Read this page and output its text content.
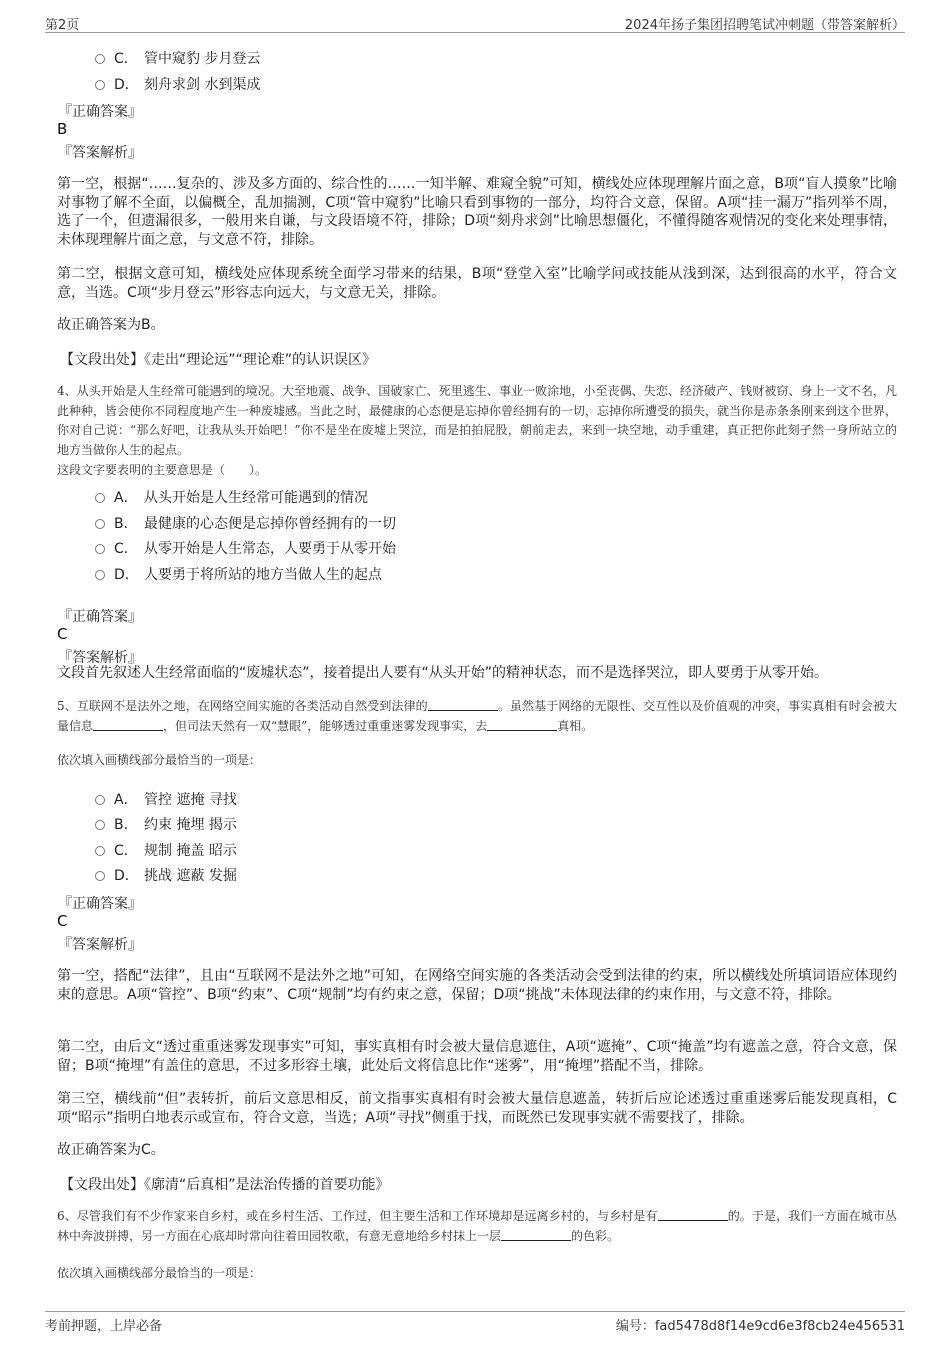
第2页	2024年扬子集团招聘笔试冲刺题（带答案解析）
C． 管中窥豹 步月登云
D． 刻舟求剑 水到渠成
『正确答案』
B
『答案解析』
第一空，根据“……复杂的、涉及多方面的、综合性的……一知半解、难窥全貌”可知，横线处应体现理解片面之意，B项“盲人摸象”比喻对事物了解不全面，以偏概全，乱加揣测，C项“管中窥豹”比喻只看到事物的一部分，均符合文意，保留。A项“挂一漏万”指列举不周，选了一个，但遗漏很多，一般用来自谦，与文段语境不符，排除；D项“刻舟求剑”比喻思想僵化，不懂得随客观情况的变化来处理事情，未体现理解片面之意，与文意不符，排除。
第二空，根据文意可知，横线处应体现系统全面学习带来的结果，B项“登堂入室”比喻学问或技能从浅到深，达到很高的水平，符合文意，当选。C项“步月登云”形容志向远大，与文意无关，排除。
故正确答案为B。
【文段出处】《走出“理论远”“理论难”的认识误区》
4、从头开始是人生经常可能遇到的境况。大至地震、战争、国破家亡、死里逃生、事业一败涂地，小至丧偶、失恋、经济破产、钱财被窃、身上一文不名，凡此种种，皆会使你不同程度地产生一种废墟感。当此之时，最健康的心态便是忘掉你曾经拥有的一切，忘掉你所遭受的损失，就当你是赤条条刚来到这个世界，你对自己说：“那么好吧，让我从头开始吧！”你不是坐在废墟上哭泣，而是拍拍屁股，朝前走去，来到一块空地，动手重建，真正把你此刻孑然一身所站立的地方当做你人生的起点。
这段文字要表明的主要意思是（　　）。
A． 从头开始是人生经常可能遇到的情况
B． 最健康的心态便是忘掉你曾经拥有的一切
C． 从零开始是人生常态，人要勇于从零开始
D． 人要勇于将所站的地方当做人生的起点
『正确答案』
C
『答案解析』
文段首先叙述人生经常面临的“废墟状态”，接着提出人要有“从头开始”的精神状态，而不是选择哭泣，即人要勇于从零开始。
5、互联网不是法外之地，在网络空间实施的各类活动自然受到法律的	。虽然基于网络的无限性、交互性以及价值观的冲突，事实真相有时会被大量信息	，但司法天然有一双“慧眼”，能够透过重重迷雾发现事实，去	真相。
依次填入画横线部分最恰当的一项是：
A． 管控 遮掩 寻找
B． 约束 掩埋 揭示
C． 规制 掩盖 昭示
D． 挑战 遮蔽 发掘
『正确答案』
C
『答案解析』
第一空，搭配“法律”，且由“互联网不是法外之地”可知，在网络空间实施的各类活动会受到法律的约束，所以横线处所填词语应体现约束的意思。A项“管控”、B项“约束”、C项“规制”均有约束之意，保留；D项“挑战”未体现法律的约束作用，与文意不符，排除。
第二空，由后文“透过重重迷雾发现事实”可知，事实真相有时会被大量信息遮住，A项“遮掩”、C项“掩盖”均有遮盖之意，符合文意，保留；B项“掩埋”有盖住的意思，不过多形容土壤，此处后文将信息比作“迷雾”，用“掩埋”搭配不当，排除。
第三空，横线前“但”表转折，前后文意思相反，前文指事实真相有时会被大量信息遮盖，转折后应论述透过重重迷雾后能发现真相，C项“昭示”指明白地表示或宣布，符合文意，当选；A项“寻找”侧重于找，而既然已发现事实就不需要找了，排除。
故正确答案为C。
【文段出处】《廓清“后真相”是法治传播的首要功能》
6、尽管我们有不少作家来自乡村，或在乡村生活、工作过，但主要生活和工作环境却是远离乡村的，与乡村是有	的。于是，我们一方面在城市丛林中奔波拼搏，另一方面在心底却时常向往着田园牧歌，有意无意地给乡村抹上一层	的色彩。
依次填入画横线部分最恰当的一项是：
考前押题，上岸必备	编号：fad5478d8f14e9cd6e3f8cb24e456531
